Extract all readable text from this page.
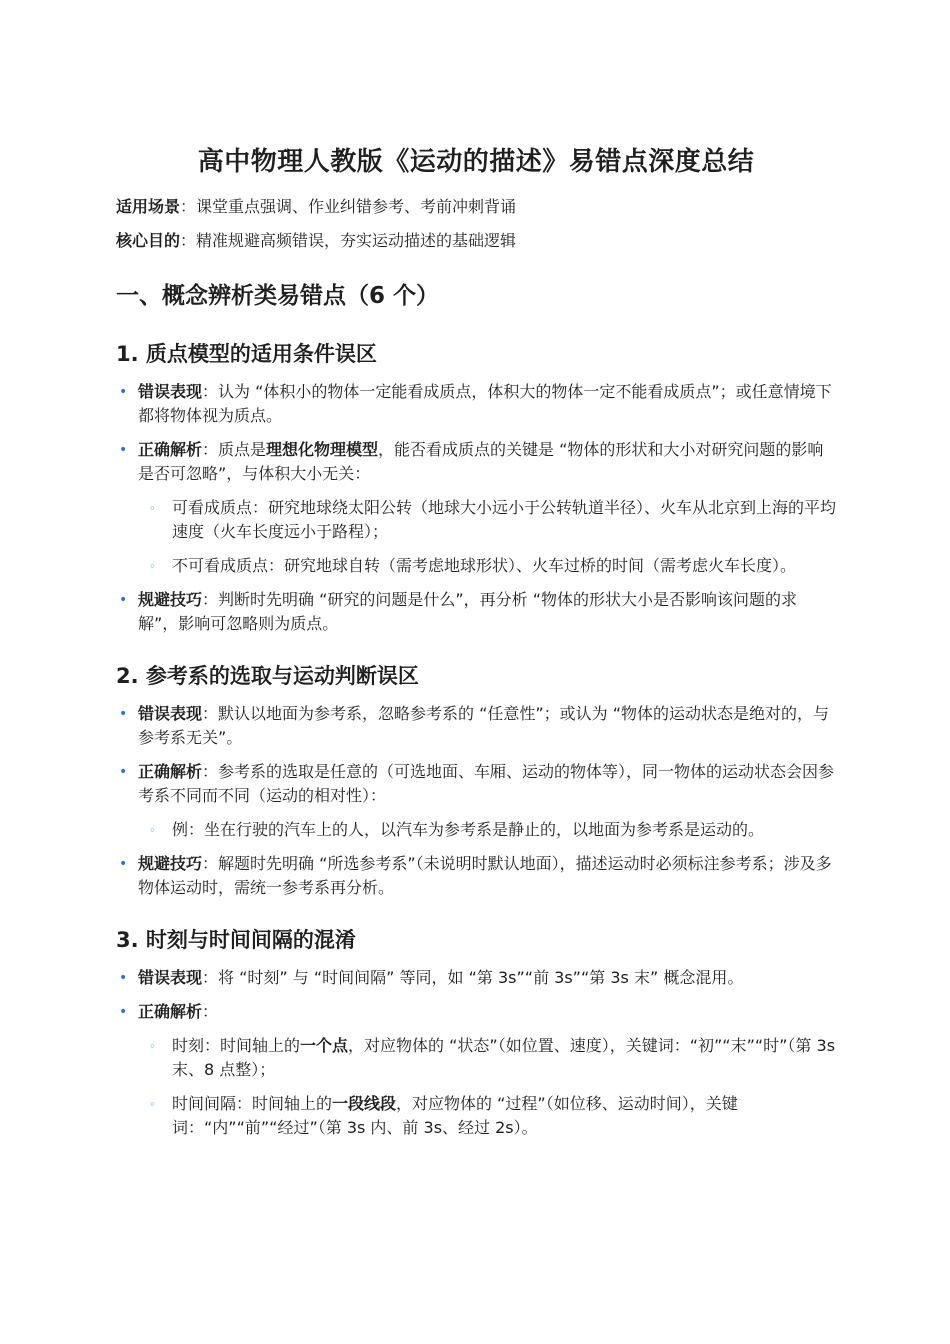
高中物理人教版《运动的描述》易错点深度总结

适用场景：课堂重点强调、作业纠错参考、考前冲刺背诵

核心目的：精准规避高频错误，夯实运动描述的基础逻辑

一、概念辨析类易错点（6 个）
1. 质点模型的适用条件误区
• 错误表现：认为 “体积小的物体一定能看成质点，体积大的物体一定不能看成质点”；或任意情境下都将物体视为质点。
• 正确解析：质点是理想化物理模型，能否看成质点的关键是 “物体的形状和大小对研究问题的影响是否可忽略”，与体积大小无关：
◦ 可看成质点：研究地球绕太阳公转（地球大小远小于公转轨道半径）、火车从北京到上海的平均速度（火车长度远小于路程）；
◦ 不可看成质点：研究地球自转（需考虑地球形状）、火车过桥的时间（需考虑火车长度）。
• 规避技巧：判断时先明确 “研究的问题是什么”，再分析 “物体的形状大小是否影响该问题的求解”，影响可忽略则为质点。
2. 参考系的选取与运动判断误区
• 错误表现：默认以地面为参考系，忽略参考系的 “任意性”；或认为 “物体的运动状态是绝对的，与参考系无关”。
• 正确解析：参考系的选取是任意的（可选地面、车厢、运动的物体等），同一物体的运动状态会因参考系不同而不同（运动的相对性）：
◦ 例：坐在行驶的汽车上的人，以汽车为参考系是静止的，以地面为参考系是运动的。
• 规避技巧：解题时先明确 “所选参考系”（未说明时默认地面），描述运动时必须标注参考系；涉及多物体运动时，需统一参考系再分析。
3. 时刻与时间间隔的混淆
• 错误表现：将 “时刻” 与 “时间间隔” 等同，如 “第 3s”“前 3s”“第 3s 末” 概念混用。
• 正确解析：
◦ 时刻：时间轴上的一个点，对应物体的 “状态”（如位置、速度），关键词：“初”“末”“时”（第 3s 末、8 点整）；
◦ 时间间隔：时间轴上的一段线段，对应物体的 “过程”（如位移、运动时间），关键词：“内”“前”“经过”（第 3s 内、前 3s、经过 2s）。
